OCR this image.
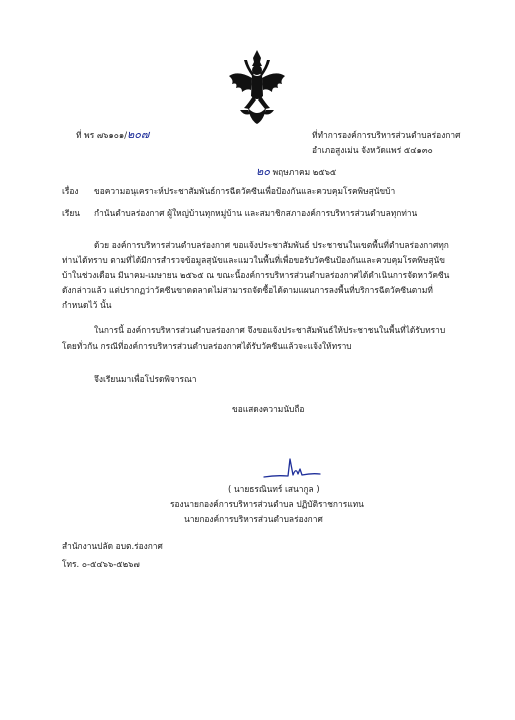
ที่ พร ๗๖๑๐๑/๒๐๗	ที่ทำการองค์การบริหารส่วนตำบลร่องกาศ
อำเภอสูงเม่น จังหวัดแพร่ ๕๔๑๓๐
๒๐ พฤษภาคม ๒๕๖๕
เรื่อง ขอความอนุเคราะห์ประชาสัมพันธ์การฉีดวัคซีนเพื่อป้องกันและควบคุมโรคพิษสุนัขบ้า
เรียน กำนันตำบลร่องกาศ ผู้ใหญ่บ้านทุกหมู่บ้าน และสมาชิกสภาองค์การบริหารส่วนตำบลทุกท่าน
ด้วย องค์การบริหารส่วนตำบลร่องกาศ ขอแจ้งประชาสัมพันธ์ ประชาชนในเขตพื้นที่ตำบลร่องกาศทุก
ท่านได้ทราบ ตามที่ได้มีการสำรวจข้อมูลสุนัขและแมวในพื้นที่เพื่อขอรับวัคซีนป้องกันและควบคุมโรคพิษสุนัข
บ้าในช่วงเดือน มีนาคม-เมษายน ๒๕๖๕ ณ ขณะนี้องค์การบริหารส่วนตำบลร่องกาศได้ดำเนินการจัดหาวัคซีน
ดังกล่าวแล้ว แต่ปรากฏว่าวัคซีนขาดตลาดไม่สามารถจัดซื้อได้ตามแผนการลงพื้นที่บริการฉีดวัคซีนตามที่
กำหนดไว้ นั้น
ในการนี้ องค์การบริหารส่วนตำบลร่องกาศ จึงขอแจ้งประชาสัมพันธ์ให้ประชาชนในพื้นที่ได้รับทราบ
โดยทั่วกัน กรณีที่องค์การบริหารส่วนตำบลร่องกาศได้รับวัคซีนแล้วจะแจ้งให้ทราบ
จึงเรียนมาเพื่อโปรดพิจารณา
ขอแสดงความนับถือ
( นายธรณินทร์ เสนากูล )
รองนายกองค์การบริหารส่วนตำบล ปฏิบัติราชการแทน
นายกองค์การบริหารส่วนตำบลร่องกาศ
สำนักงานปลัด อบต.ร่องกาศ
โทร. ๐-๕๔๖๖-๕๒๖๗
